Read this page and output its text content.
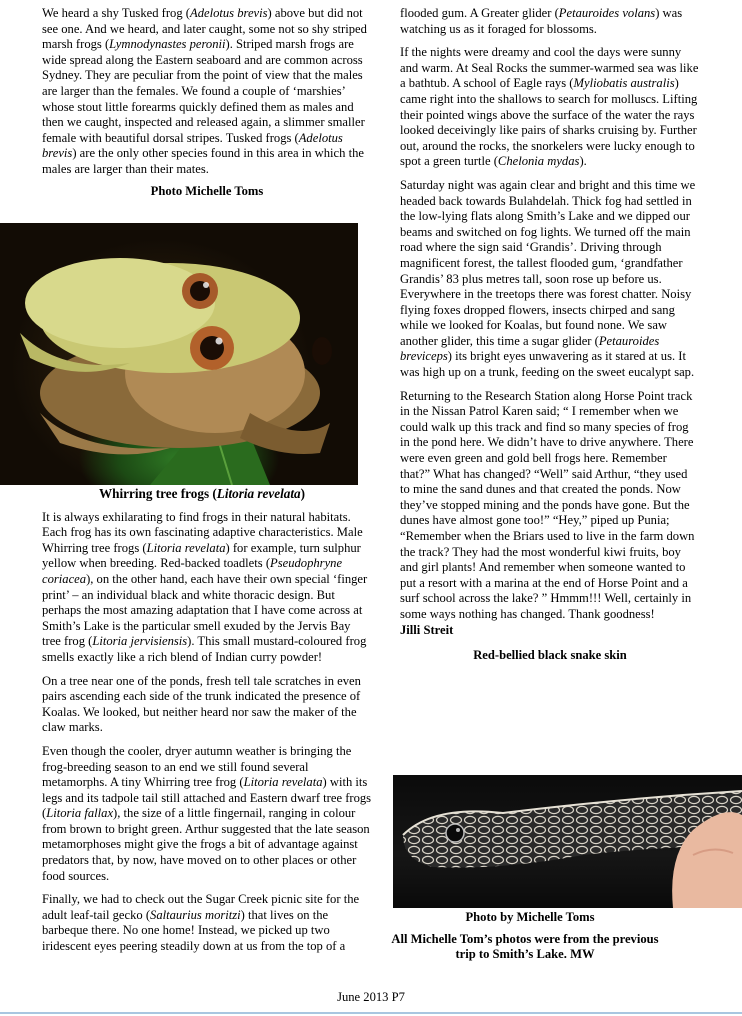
We heard a shy Tusked frog (Adelotus brevis) above but did not see one. And we heard, and later caught, some not so shy striped marsh frogs (Lymnodynastes peronii). Striped marsh frogs are wide spread along the Eastern seaboard and are common across Sydney. They are peculiar from the point of view that the males are larger than the females. We found a couple of ‘marshies’ whose stout little forearms quickly defined them as males and then we caught, inspected and released again, a slimmer smaller female with beautiful dorsal stripes. Tusked frogs (Adelotus brevis) are the only other species found in this area in which the males are larger than their mates.

Photo Michelle Toms

Whirring tree frogs (Litoria revelata)

It is always exhilarating to find frogs in their natural habitats. Each frog has its own fascinating adaptive characteristics. Male Whirring tree frogs (Litoria revelata) for example, turn sulphur yellow when breeding. Red-backed toadlets (Pseudophryne coriacea), on the other hand, each have their own special ‘finger print’ – an individual black and white thoracic design. But perhaps the most amazing adaptation that I have come across at Smith’s Lake is the particular smell exuded by the Jervis Bay tree frog (Litoria jervisiensis). This small mustard-coloured frog smells exactly like a rich blend of Indian curry powder!

On a tree near one of the ponds, fresh tell tale scratches in even pairs ascending each side of the trunk indicated the presence of Koalas. We looked, but neither heard nor saw the maker of the claw marks.

Even though the cooler, dryer autumn weather is bringing the frog-breeding season to an end we still found several metamorphs. A tiny Whirring tree frog (Litoria revelata) with its legs and its tadpole tail still attached and Eastern dwarf tree frogs (Litoria fallax), the size of a little fingernail, ranging in colour from brown to bright green. Arthur suggested that the late season metamorphoses might give the frogs a bit of advantage against predators that, by now, have moved on to other places or other food sources.

Finally, we had to check out the Sugar Creek picnic site for the adult leaf-tail gecko (Saltaurius moritzi) that lives on the barbeque there. No one home! Instead, we picked up two iridescent eyes peering steadily down at us from the top of a

flooded gum. A Greater glider (Petauroides volans) was watching us as it foraged for blossoms.

If the nights were dreamy and cool the days were sunny and warm. At Seal Rocks the summer-warmed sea was like a bathtub. A school of Eagle rays (Myliobatis australis) came right into the shallows to search for molluscs. Lifting their pointed wings above the surface of the water the rays looked deceivingly like pairs of sharks cruising by. Further out, around the rocks, the snorkelers were lucky enough to spot a green turtle (Chelonia mydas).

Saturday night was again clear and bright and this time we headed back towards Bulahdelah. Thick fog had settled in the low-lying flats along Smith’s Lake and we dipped our beams and switched on fog lights. We turned off the main road where the sign said ‘Grandis’. Driving through magnificent forest, the tallest flooded gum, ‘grandfather Grandis’ 83 plus metres tall, soon rose up before us. Everywhere in the treetops there was forest chatter. Noisy flying foxes dropped flowers, insects chirped and sang while we looked for Koalas, but found none. We saw another glider, this time a sugar glider (Petauroides breviceps) its bright eyes unwavering as it stared at us. It was high up on a trunk, feeding on the sweet eucalypt sap.

Returning to the Research Station along Horse Point track in the Nissan Patrol Karen said; “ I remember when we could walk up this track and find so many species of frog in the pond here. We didn’t have to drive anywhere. There were even green and gold bell frogs here. Remember that?” What has changed? “Well” said Arthur, “they used to mine the sand dunes and that created the ponds. Now they’ve stopped mining and the ponds have gone. But the dunes have almost gone too!” “Hey,” piped up Punia; “Remember when the Briars used to live in the farm down the track? They had the most wonderful kiwi fruits, boy and girl plants! And remember when someone wanted to put a resort with a marina at the end of Horse Point and a surf school across the lake? ” Hmmm!!! Well, certainly in some ways nothing has changed. Thank goodness!

Jilli Streit

Red-bellied black snake skin

Photo by Michelle Toms

All Michelle Tom’s photos were from the previous trip to Smith’s Lake. MW

June 2013 P7
